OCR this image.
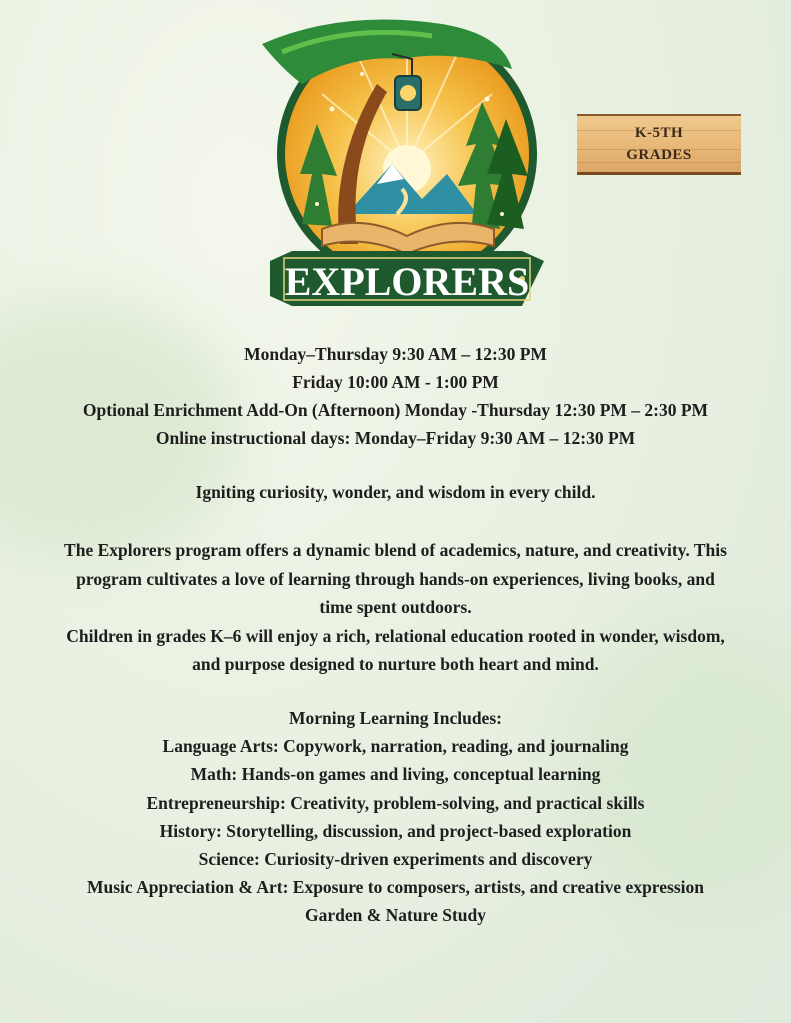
EXPLORERS
K-5TH
GRADES
Monday–Thursday 9:30 AM – 12:30 PM
Friday 10:00 AM - 1:00 PM
Optional Enrichment Add-On (Afternoon) Monday -Thursday 12:30 PM – 2:30 PM
Online instructional days: Monday–Friday 9:30 AM – 12:30 PM
Igniting curiosity, wonder, and wisdom in every child.
The Explorers program offers a dynamic blend of academics, nature, and creativity. This
program cultivates a love of learning through hands-on experiences, living books, and
time spent outdoors.
Children in grades K–6 will enjoy a rich, relational education rooted in wonder, wisdom,
and purpose designed to nurture both heart and mind.
Morning Learning Includes:
Language Arts: Copywork, narration, reading, and journaling
Math: Hands-on games and living, conceptual learning
Entrepreneurship: Creativity, problem-solving, and practical skills
History: Storytelling, discussion, and project-based exploration
Science: Curiosity-driven experiments and discovery
Music Appreciation & Art: Exposure to composers, artists, and creative expression
Garden & Nature Study
